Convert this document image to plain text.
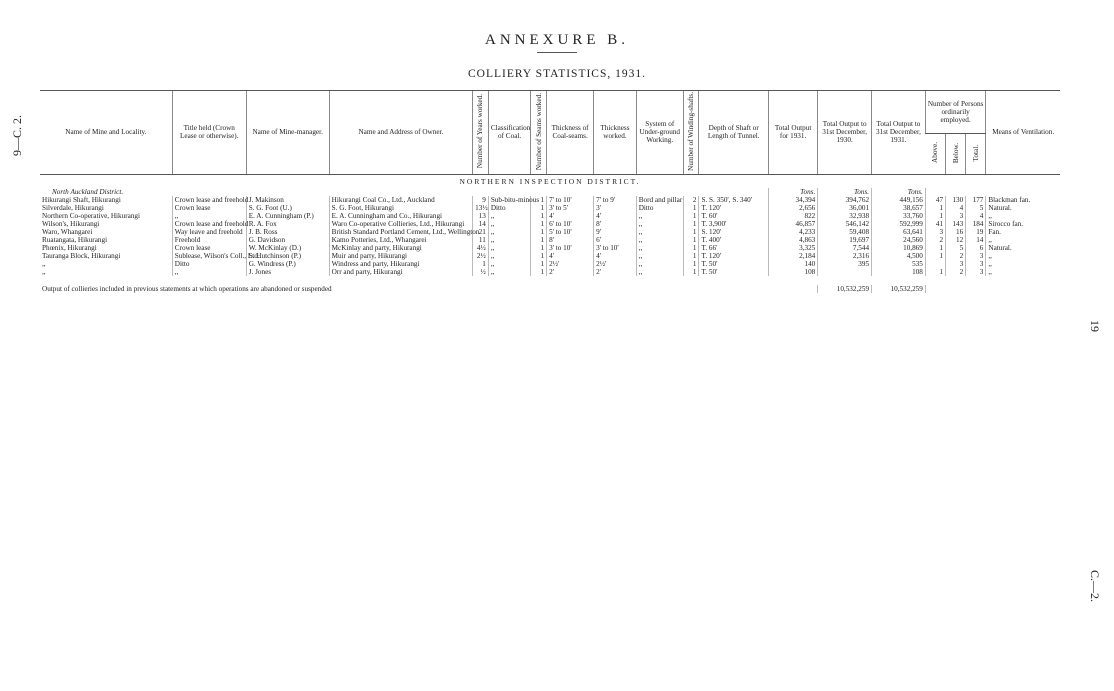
ANNEXURE B.
COLLIERY STATISTICS, 1931.
9—C. 2.
19
C.—2.
Name of Mine and Locality.	Title held (Crown Lease or otherwise).	Name of Mine-manager.	Name and Address of Owner.	Number of Years worked.	Classification of Coal.	Number of Seams worked.	Thickness of Coal-seams.	Thickness worked.	System of Under-ground Working.	Number of Winding-shafts.	Depth of Shaft or Length of Tunnel.	Total Output for 1931.	Total Output to 31st December, 1930.	Total Output to 31st December, 1931.	Number of Persons ordinarily employed.			Means of Ventilation.
															Above.	Below.	Total.	
NORTHERN INSPECTION DISTRICT.																		
North Auckland District.												Tons.	Tons.	Tons.				
Hikurangi Shaft, Hikurangi	Crown lease and freehold	J. Makinson	Hikurangi Coal Co., Ltd., Auckland	9	Sub-bitu-minous	1	7' to 10'	7' to 9'	Bord and pillar	2	S. S. 350', S. 340'	34,394	394,762	449,156	47	130	177	Blackman fan.
Silverdale, Hikurangi	Crown lease	S. G. Foot (U.)	S. G. Foot, Hikurangi	13½	Ditto	1	3' to 5'	3'	Ditto	1	T. 120'	2,656	36,001	38,657	1	4	5	Natural.
Northern Co-operative, Hikurangi	,,	E. A. Cunningham (P.)	E. A. Cunningham and Co., Hikurangi	13	,,	1	4'	4'	,,	1	T. 60'	822	32,938	33,760	1	3	4	,,
Wilson's, Hikurangi	Crown lease and freehold	R. A. Fox	Waro Co-operative Collieries, Ltd., Hikurangi	14	,,	1	6' to 10'	8'	,,	1	T. 3,900'	46,857	546,142	592,999	41	143	184	Sirocco fan.
Waro, Whangarei	Way leave and freehold	J. B. Ross	British Standard Portland Cement, Ltd., Wellington	21	,,	1	5' to 10'	9'	,,	1	S. 120'	4,233	59,408	63,641	3	16	19	Fan.
Ruatangata, Hikurangi	Freehold	G. Davidson	Kamo Potteries, Ltd., Whangarei	11	,,	1	8'	6'	,,	1	T. 400'	4,863	19,697	24,560	2	12	14	,,
Phœnix, Hikurangi	Crown lease	W. McKinlay (D.)	McKinlay and party, Hikurangi	4½	,,	1	3' to 10'	3' to 10'	,,	1	T. 66'	3,325	7,544	10,869	1	5	6	Natural.
Tauranga Block, Hikurangi	Sublease, Wilson's Coll., Ltd.	S. Hutchinson (P.)	Muir and party, Hikurangi	2½	,,	1	4'	4'	,,	1	T. 120'	2,184	2,316	4,500	1	2	3	,,
,,	Ditto	G. Windress (P.)	Windress and party, Hikurangi	1	,,	1	2½'	2½'	,,	1	T. 50'	140	395	535		3	3	,,
,,	,,	J. Jones	Orr and party, Hikurangi	½	,,	1	2'	2'	,,	1	T. 50'	108		108	1	2	3	,,

Output of collieries included in previous statements at which operations are abandoned or suspended													10,532,259	10,532,259				
